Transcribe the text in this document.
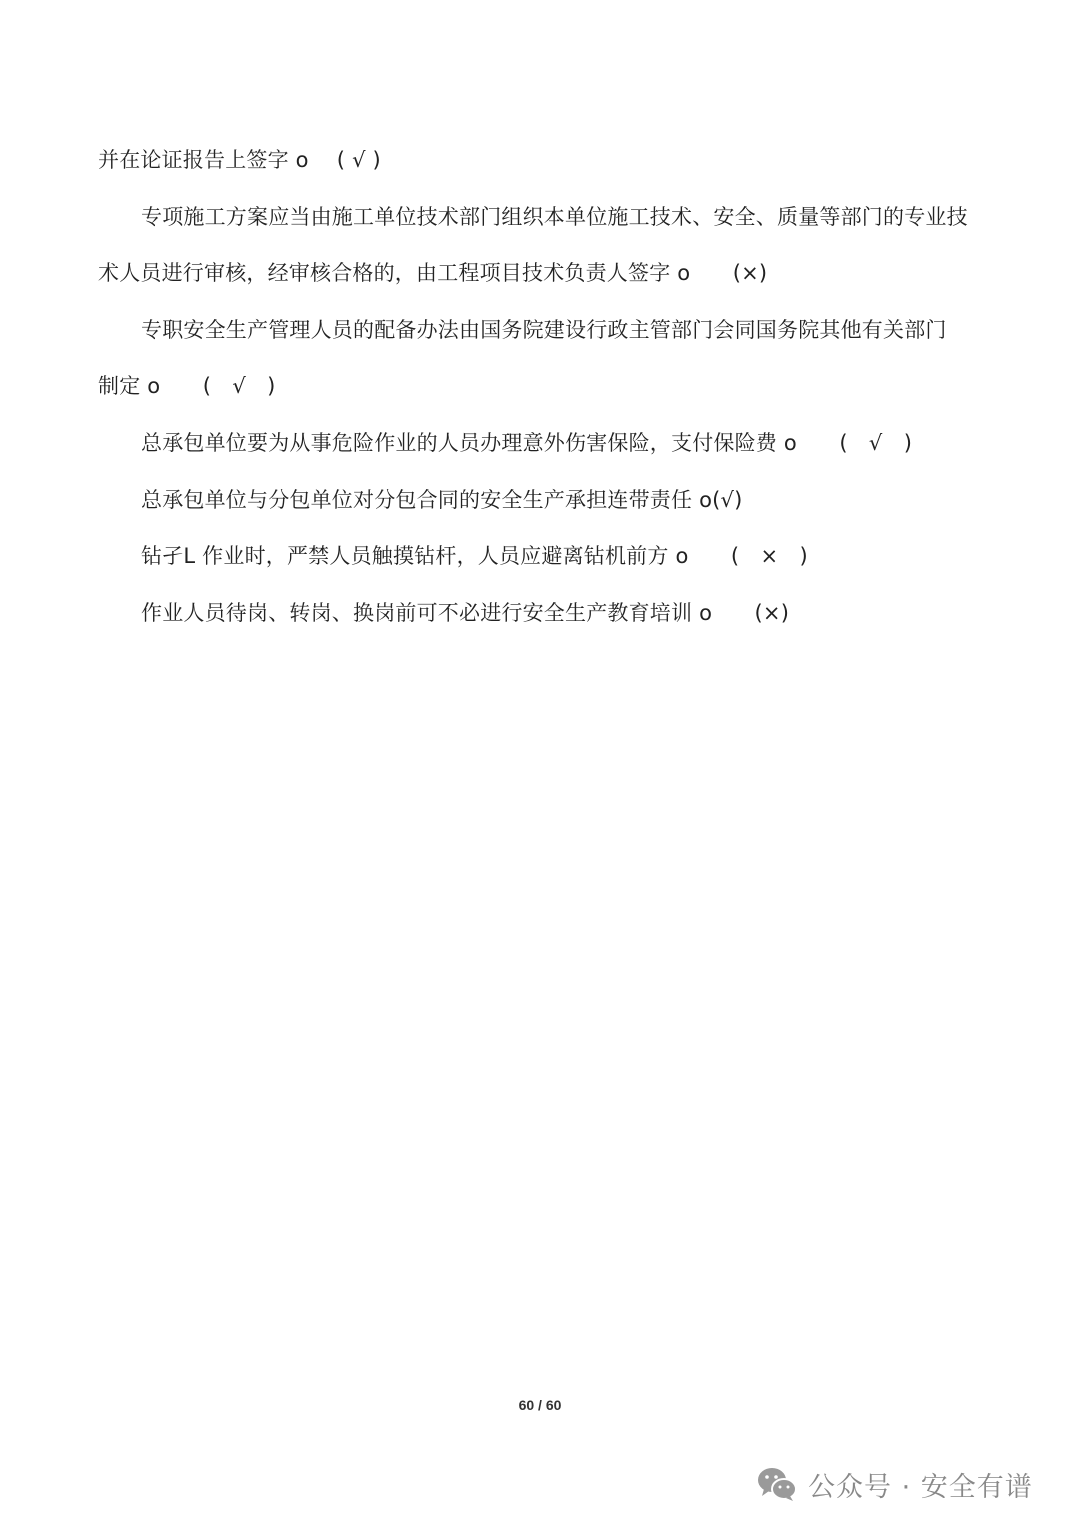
并在论证报告上签字 o　 ( √ )
专项施工方案应当由施工单位技术部门组织本单位施工技术、安全、质量等部门的专业技
术人员进行审核，经审核合格的，由工程项目技术负责人签字 o　　(×)
专职安全生产管理人员的配备办法由国务院建设行政主管部门会同国务院其他有关部门
制定 o　　(　√　)
总承包单位要为从事危险作业的人员办理意外伤害保险，支付保险费 o　　(　√　)
总承包单位与分包单位对分包合同的安全生产承担连带责任 o(√)
钻孑L 作业时，严禁人员触摸钻杆，人员应避离钻机前方 o　　(　×　)
作业人员待岗、转岗、换岗前可不必进行安全生产教育培训 o　　(×)
60 / 60
公众号 · 安全有谱
